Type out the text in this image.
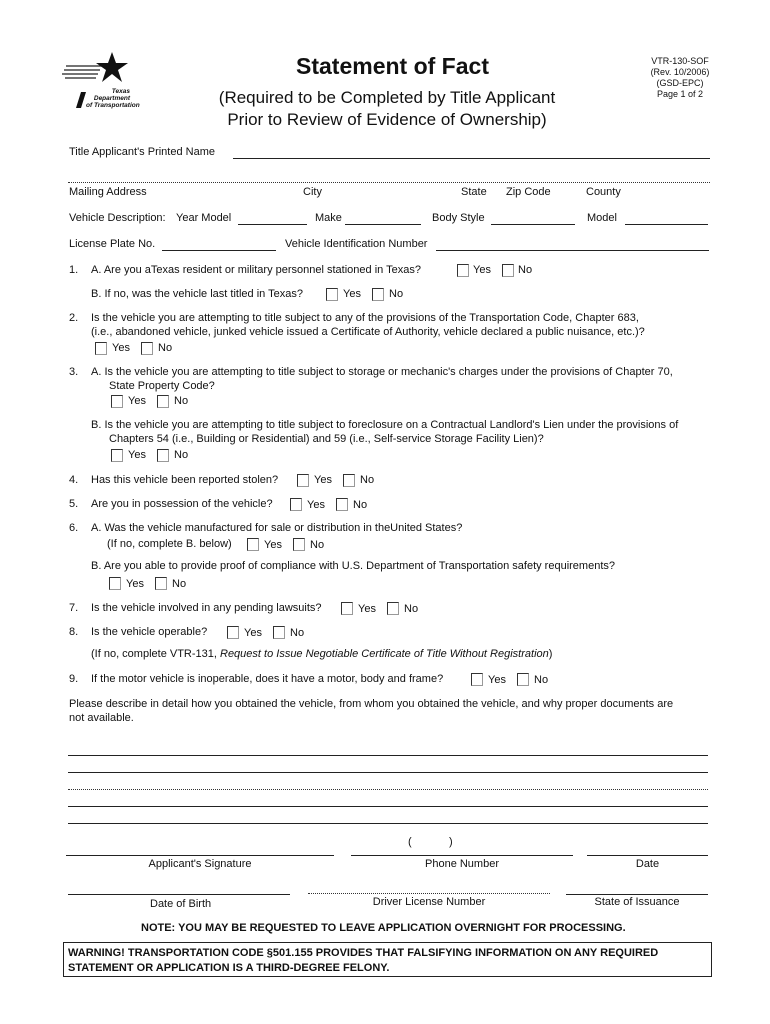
Texas
Department
of Transportation
Statement of Fact
(Required to be Completed by Title Applicant
Prior to Review of Evidence of Ownership)
VTR-130-SOF
(Rev. 10/2006)
(GSD-EPC)
Page 1 of 2
Title Applicant's Printed Name
Mailing Address	City	State Zip Code	County
Vehicle Description: Year Model	Make	Body Style	Model
License Plate No.	Vehicle Identification Number
1. A. Are you aTexas resident or military personnel stationed in Texas?	Yes No
B. If no, was the vehicle last titled in Texas?	Yes	No
2. Is the vehicle you are attempting to title subject to any of the provisions of the Transportation Code, Chapter 683,
(i.e., abandoned vehicle, junked vehicle issued a Certificate of Authority, vehicle declared a public nuisance, etc.)?
Yes	No
3. A. Is the vehicle you are attempting to title subject to storage or mechanic's charges under the provisions of Chapter 70,
State Property Code?
Yes	No
B. Is the vehicle you are attempting to title subject to foreclosure on a Contractual Landlord's Lien under the provisions of
Chapters 54 (i.e., Building or Residential) and 59 (i.e., Self-service Storage Facility Lien)?
Yes	No
4. Has this vehicle been reported stolen?	Yes	No
5. Are you in possession of the vehicle?	Yes	No
6. A. Was the vehicle manufactured for sale or distribution in theUnited States?
(If no, complete B. below)	Yes	No
B. Are you able to provide proof of compliance with U.S. Department of Transportation safety requirements?
Yes	No
7. Is the vehicle involved in any pending lawsuits?	Yes	No
8. Is the vehicle operable?	Yes	No
(If no, complete VTR-131, Request to Issue Negotiable Certificate of Title Without Registration)
9. If the motor vehicle is inoperable, does it have a motor, body and frame?	Yes	No
Please describe in detail how you obtained the vehicle, from whom you obtained the vehicle, and why proper documents are
not available.
(	)
Applicant's Signature	Phone Number	Date
Date of Birth	Driver License Number	State of Issuance
NOTE: YOU MAY BE REQUESTED TO LEAVE APPLICATION OVERNIGHT FOR PROCESSING.
WARNING! TRANSPORTATION CODE §501.155 PROVIDES THAT FALSIFYING INFORMATION ON ANY REQUIRED
STATEMENT OR APPLICATION IS A THIRD-DEGREE FELONY.
